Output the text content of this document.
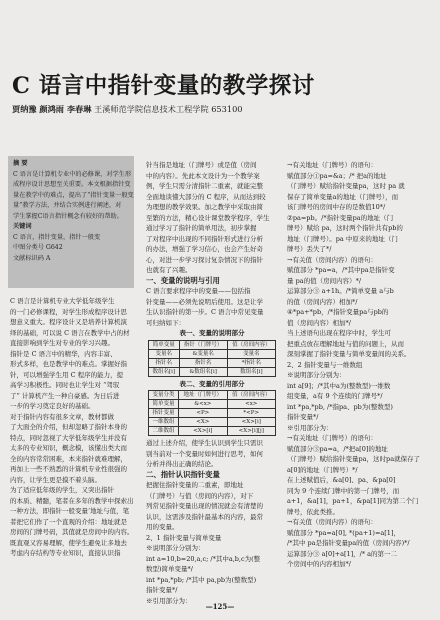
C 语言中指针变量的教学探讨
贾纳豫 颜鸿雨 李春琳 王溪师范学院信息技术工程学院 653100

摘 要

C 语言是计算机专业中的必修课，对学生形

成程序设计思想至关重要。本文根据指针变

量在教学中的难点，提出了“指针变量一般变

量”教学方法，并结合实例进行阐述，对

学生掌握C语言指针概念有较好的帮助。

关键词

C 语言，指针变量，指针一般变

中图分类号 G642

文献标识码 A

C 语言是计算机专业大学低年级学生

的一门必修课程，对学生形成程序设计思

想意义重大。程序设计又是培养计算机演

绎的基础，可以说 C 语言在教学中占的材

直接影响到学生对专业的学习兴趣。

指针是 C 语言中的精华，内容丰富、

形式多样，也是教学中的难点。掌握好指

针，可以增强学生用 C 程序的能力，提

高学习积极性。同时也让学生对 “驾驭

了” 计算机产生一种自豪感。为日后进

一步的学习奠定良好的基础。

对于指针内容有很多文章，教材都做

了大面全的介绍，但却忽略了指针本身的

特点，同时忽视了大学低年级学生并没有

太多的专业知识，概念模，该懂出类大而

全的内容常常困难，本来指针就难理解，

再加上一些不熟悉的计算机专业性很强的

内容，让学生更是摸不着头脑。

为了适应低年级的学生，又突出指针

的本质、精髓，笔者在多年的教学中探索出

一种方法，即指针一般变量‘地址与值，笔

者把它们作了一个直观的介绍：地址就是

房间的门牌号码，其值就是房间中的内容。

既直观又容易理解，使学生避免让多地去

考虑内存结构等专业知识，直接认识指

针当指是地址（门牌号）或是值（房间

中的内容）。先此本文设计为一个教学案

例，学生只需分清指针二重素，就能完整

全面地谈懂大部分的 C 程序，从而达到较

为理想的教学效果。加之教学中采取由简

至繁的方法，精心设计课堂教学程序，学生

通过学习了指针的简单用法，初步掌握

了对程序中出现的不同指针形式进行分析

的办法，增强了学习信心，也会产生好奇

心，对进一步学习探讨复杂情况下的指针

也就有了兴趣。

一、变量的说明与引用

C 语言要求程序中的变量——包括指

针变量——必须先说明后使用。这是让学

生认识指针的第一步。C 语言中常见变量

可归纳如下：

表一、变量的说明部分

简单变量	指针（门牌号）	值（房间内容）
变量名	&变量名	变量名
指针名	指针名	*指针名
数组名[i]	&数组名[i]	数组名[i]

表二、变量的引用部分

变量分类	地址（门牌号）	值（房间内容）
简单变量	&<x>	<x>
指针变量	<P>	*<P>
一维数组	<X>	<X>[i]
二维数组	<X>[i]	<X>[i][j]

通过上述介绍，使学生认识到学生只需识

别当前对一个变量时如何进行思考，如何

分析并得出正确的结论。

二、指针认识指针变量

把握住指针变量的二重素，即地址

（门牌号）与值（房间的内容），对下

列常见指针变量出现的情况就会有清楚的

认识，这需涉及指针最基本的内容，最常

用的变量。

2、1 指针变量与简单变量

※说明部分分别为：

int a=10,b=20,a,c; /*其中a,b,c为(整

数型)简单变量*/

int *pa,*pb; /*其中 pa,pb为(整数型)

指针变量*/

※引用部分为：

→有关地址（门牌号）的语句：

赋值部分①pa=&a；/* 把a的地址

（门牌号）赋给指针变量pa，这时 pa 就

保存了简单变量a的地址（门牌号），而

该门牌号的房间中存的是数值10*/

②pa=pb。/*指针变量pa的地址（门

牌号）赋给 pa，这时两个指针共有pb的

地址（门牌号）。pa 中原来的地址（门

牌号）丢失了*/

→有关值（房间内容）的语句：

赋值部分 *pa=a，/*其中pa是指针变

量 pa的值（房间内容）*/

运算部分③ a+1h。/*简单变量 a与b

的值（房间内容）相加*/

④*pa+*pb，/*指针变量pa与pb的

值（房间内容）相加*/

当上述语句出现在程序中时，学生可

把重点放在理解地址与值的问题上，从而

深刻掌握了指针变量与简单变量间的关系。

2、2 指针变量与一维数组

※说明部分分别为：

int a[9]；/*其中a为(整数型)一维数

组变量，a有 9 个连续的门牌号*/

int *pa,*pb, /*指pa、pb为(整数型)

指针变量*/

※引用部分为：

→有关地址（门牌号）的语句：

赋值部分③pa=a，/*把a[0]的地址

（门牌号）赋给指针变量pa，这时pa就保存了

a[0]的地址（门牌号）*/

在上述赋值后，&a[0]、pa、&pa[0]

同为 9 个连续门牌中的第一门牌号，而

a+1，&a[1]，pa+1，&pa[1]同为第二个门

牌号，依此类推。

→有关值（房间内容）的语句：

赋值部分 *pa=a[0], *(pa+1)=a[1]，

/*其中 pa是指针变量pa的值（房间内容)*/

运算部分③ a[0]+a[1]，/* a的第一二

个房间中的内容相加*/

—125—
